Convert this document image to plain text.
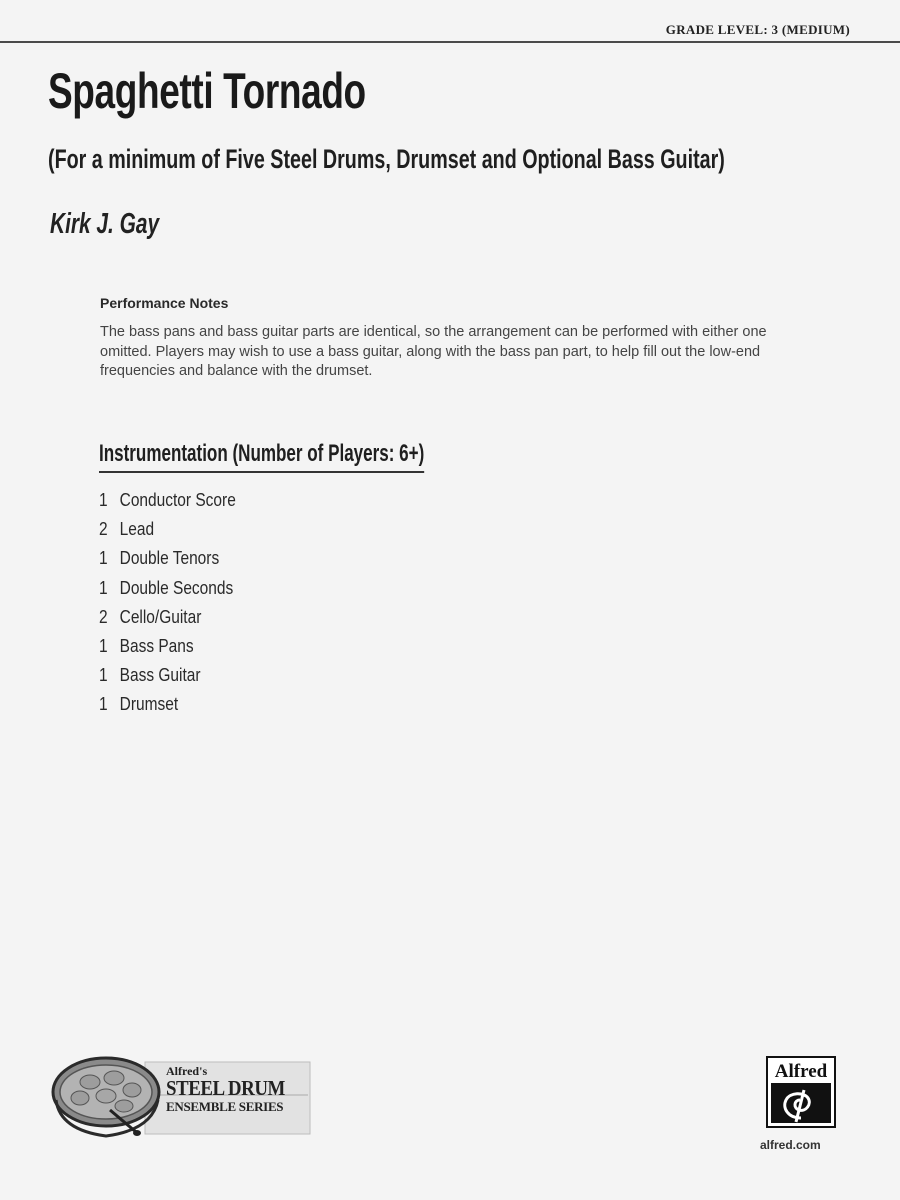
GRADE LEVEL: 3 (MEDIUM)
Spaghetti Tornado
(For a minimum of Five Steel Drums, Drumset and Optional Bass Guitar)
Kirk J. Gay
Performance Notes

The bass pans and bass guitar parts are identical, so the arrangement can be performed with either one omitted. Players may wish to use a bass guitar, along with the bass pan part, to help fill out the low-end frequencies and balance with the drumset.

Instrumentation (Number of Players: 6+)
1 Conductor Score
2 Lead
1 Double Tenors
1 Double Seconds
2 Cello/Guitar
1 Bass Pans
1 Bass Guitar
1 Drumset
Alfred's
STEEL DRUM
ENSEMBLE SERIES
Alfred
alfred.com
